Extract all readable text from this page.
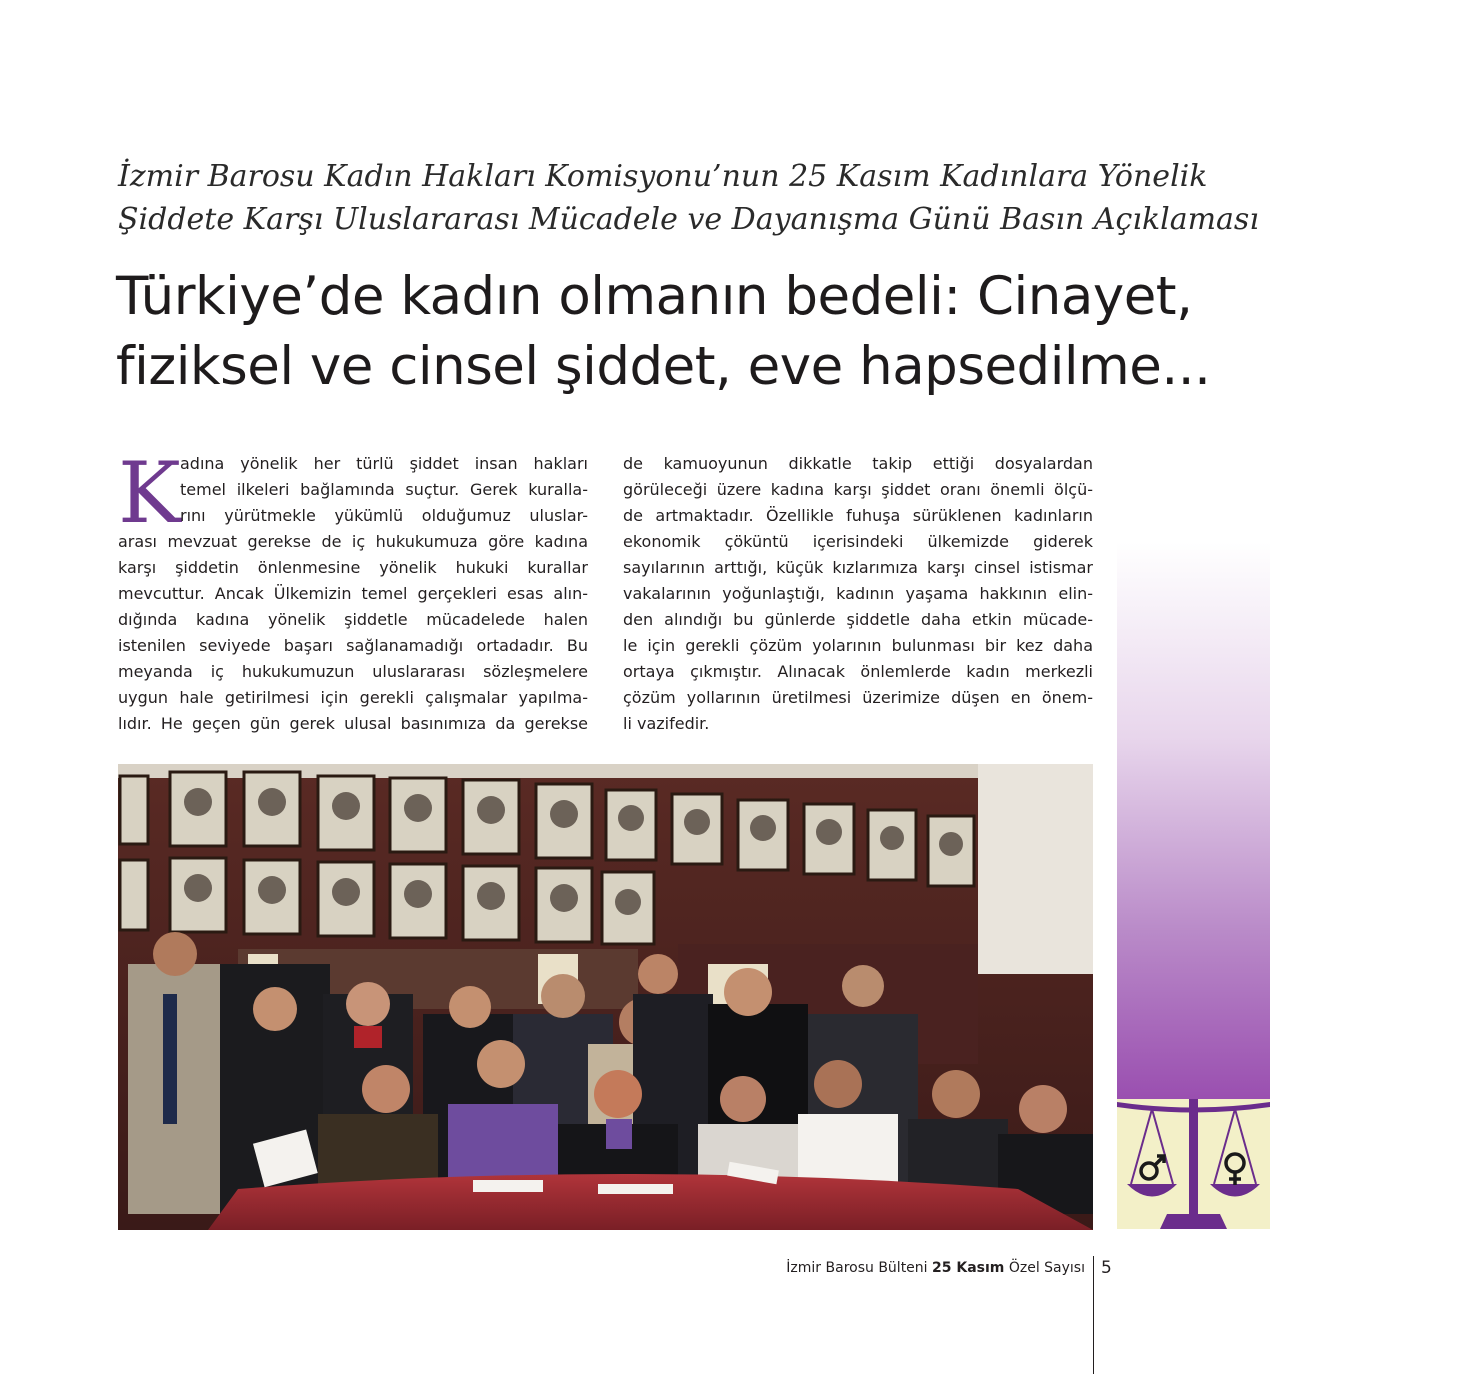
İzmir Barosu Kadın Hakları Komisyonu’nun 25 Kasım Kadınlara Yönelik
Şiddete Karşı Uluslararası Mücadele ve Dayanışma Günü Basın Açıklaması
Türkiye’de kadın olmanın bedeli: Cinayet,
fiziksel ve cinsel şiddet, eve hapsedilme...
K adına yönelik her türlü şiddet insan hakları
temel ilkeleri bağlamında suçtur. Gerek kuralla-
rını yürütmekle yükümlü olduğumuz uluslar-
arası mevzuat gerekse de iç hukukumuza göre kadına
karşı şiddetin önlenmesine yönelik hukuki kurallar
mevcuttur. Ancak Ülkemizin temel gerçekleri esas alın-
dığında kadına yönelik şiddetle mücadelede halen
istenilen seviyede başarı sağlanamadığı ortadadır. Bu
meyanda iç hukukumuzun uluslararası sözleşmelere
uygun hale getirilmesi için gerekli çalışmalar yapılma-
lıdır. He geçen gün gerek ulusal basınımıza da gerekse
de kamuoyunun dikkatle takip ettiği dosyalardan
görüleceği üzere kadına karşı şiddet oranı önemli ölçü-
de artmaktadır. Özellikle fuhuşa sürüklenen kadınların
ekonomik çöküntü içerisindeki ülkemizde giderek
sayılarının arttığı, küçük kızlarımıza karşı cinsel istismar
vakalarının yoğunlaştığı, kadının yaşama hakkının elin-
den alındığı bu günlerde şiddetle daha etkin mücade-
le için gerekli çözüm yolarının bulunması bir kez daha
ortaya çıkmıştır. Alınacak önlemlerde kadın merkezli
çözüm yollarının üretilmesi üzerimize düşen en önem-
li vazifedir.
İzmir Barosu Bülteni 25 Kasım Özel Sayısı 5
